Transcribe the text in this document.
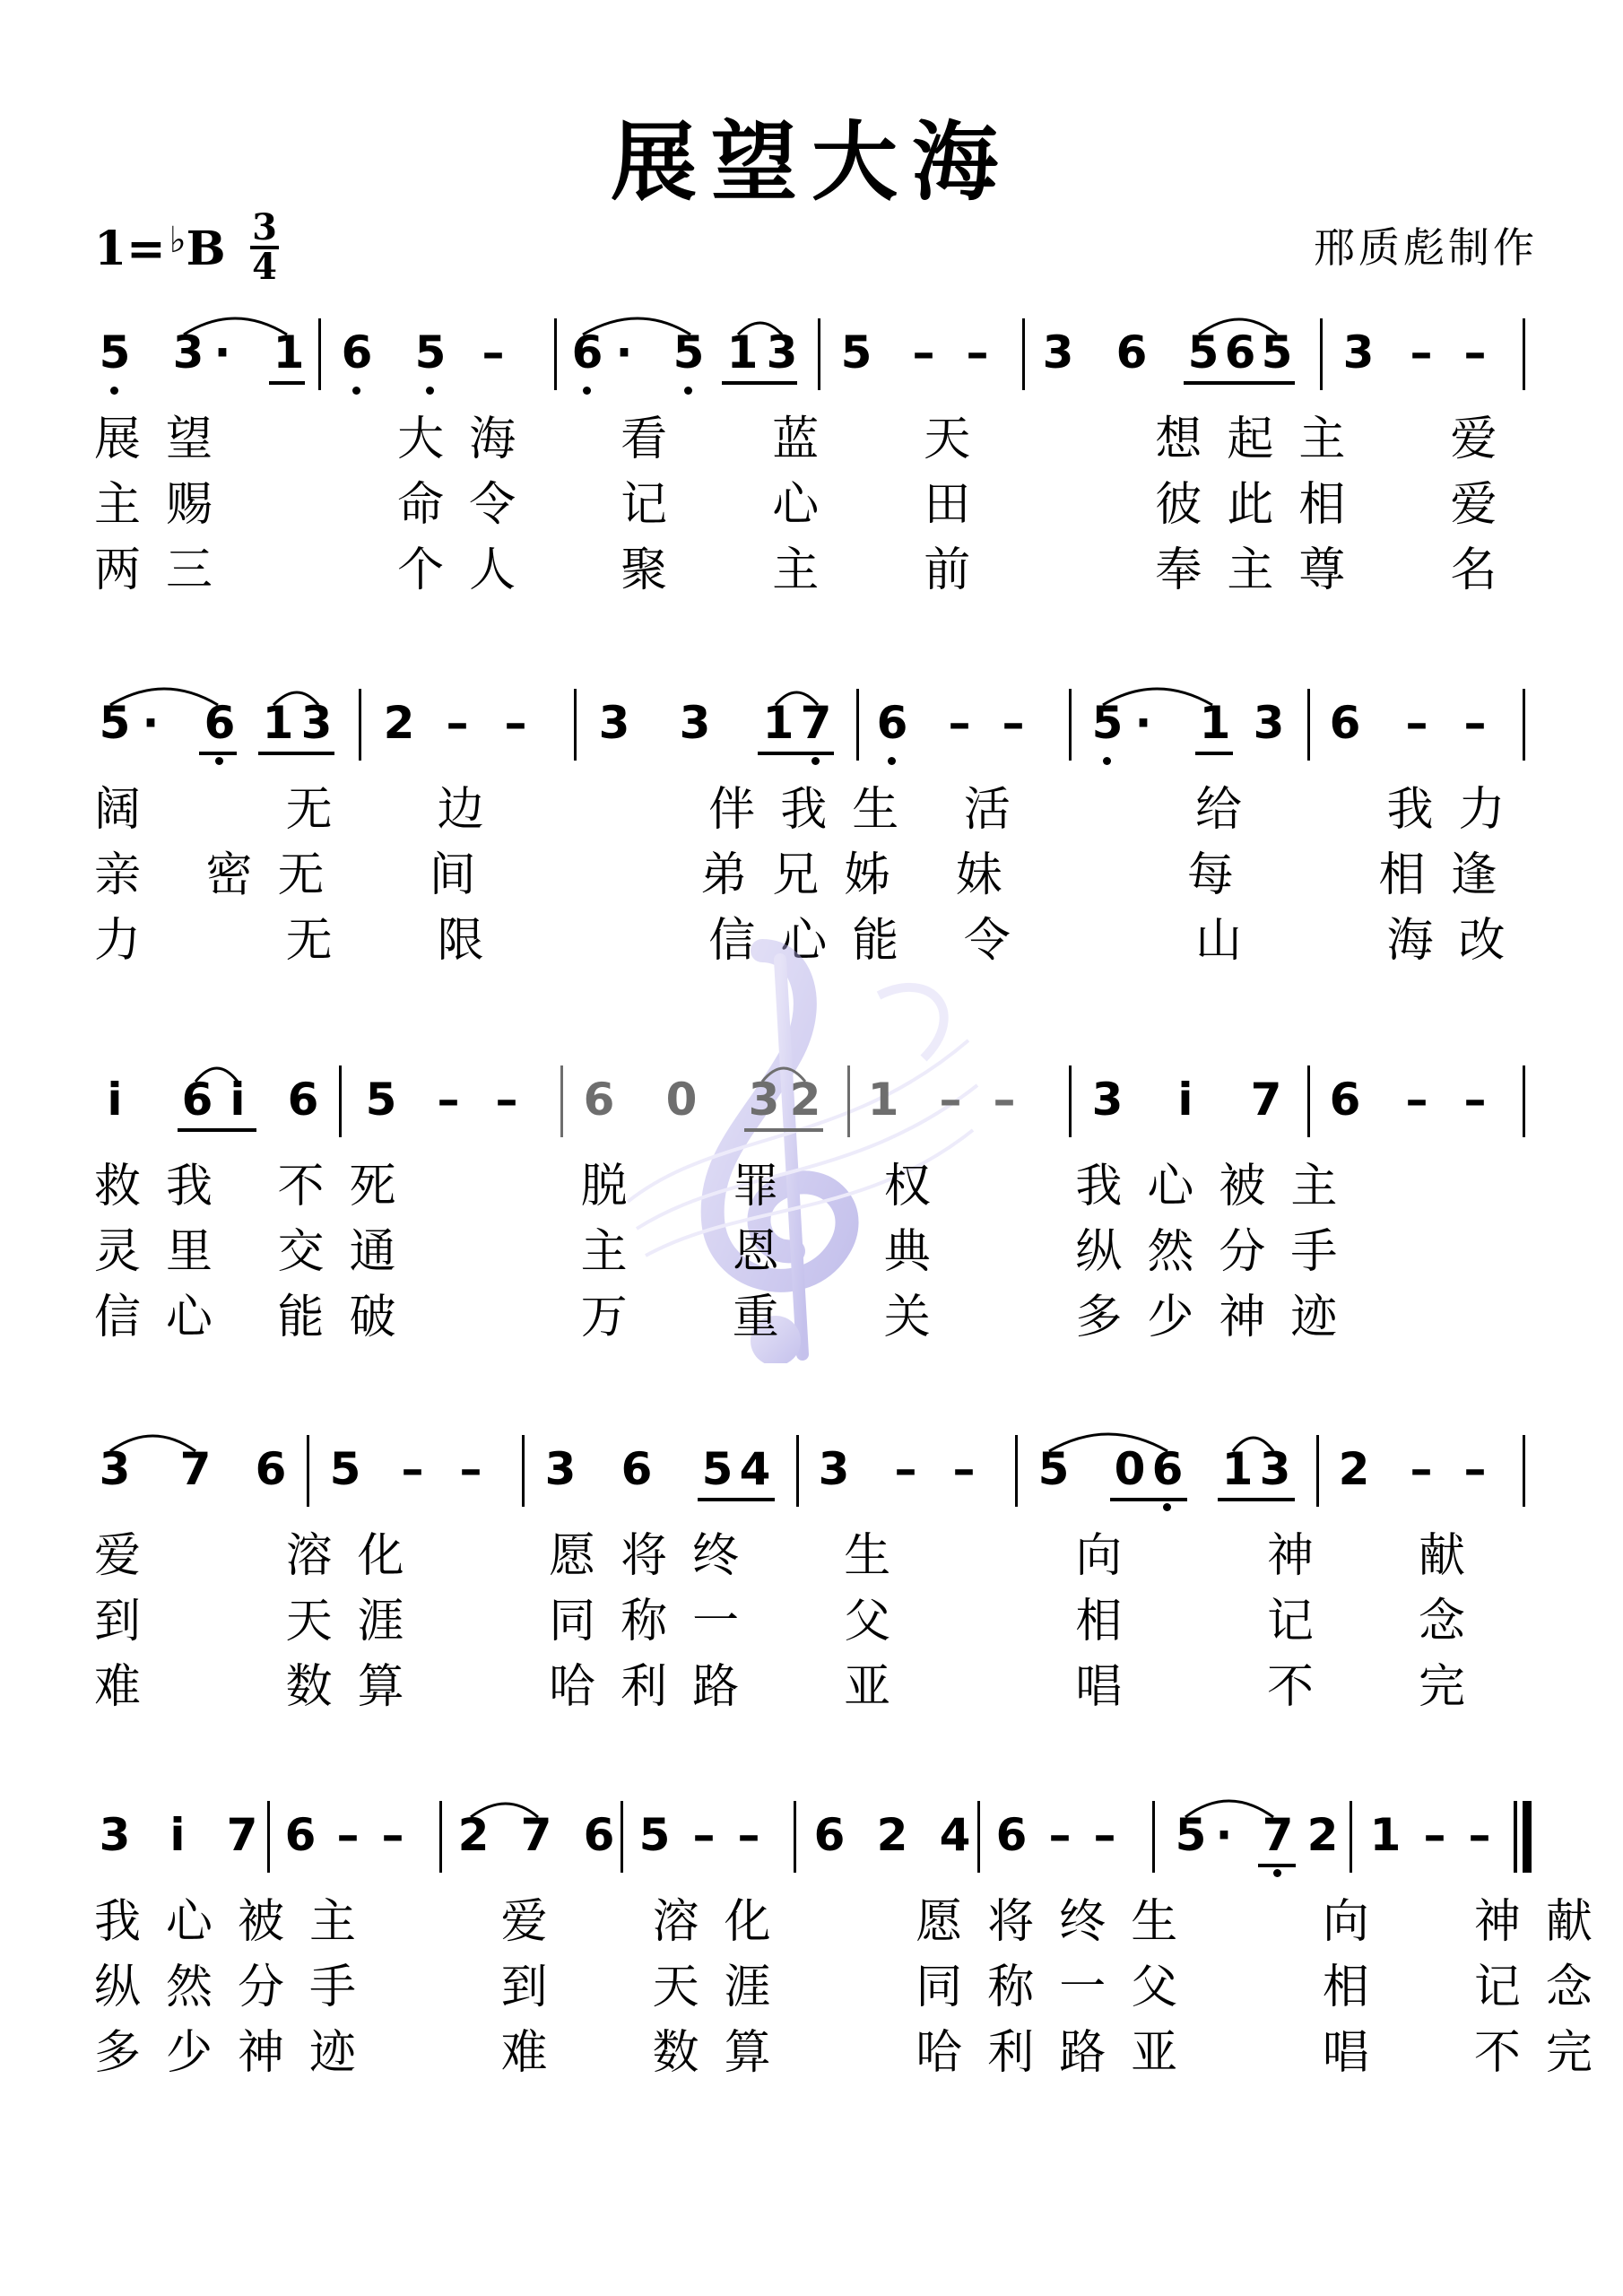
展望大海
1= ♭B 3
4	邢质彪制作
5 3 · 1 6 5 – 6 · 5 1 3 5 – – 3 6 5 6 5 3 – –
展望    大海  看  蓝  天    想起主  爱
主赐    命令  记  心  田    彼此相  爱
两三    个人  聚  主  前    奉主尊  名
5 · 6 1 3 2 – – 3 3 1 7 6 – – 5 · 1 3 6 – –
阔   无  边     伴我生 活    给   我力
亲 密无  间     弟兄姊 妹    每   相逢
力   无  限     信心能 令    山   海改
i 6 i 6 5 – – 6 0 3 2 1 – – 3 i 7 6 – –
救我 不死    脱  罪  权   我心被主
灵里 交通    主  恩  典   纵然分手
信心 能破    万  重  关   多少神迹
3 7 6 5 – – 3 6 5 4 3 – – 5 0 6 1 3 2 – –
爱   溶化   愿将终  生    向   神  献
到   天涯   同称一  父    相   记  念
难   数算   哈利路  亚    唱   不  完
3 i 7 6 – – 2 7 6 5 – – 6 2 4 6 – – 5 · 7 2 1 – –
我心被主   爱  溶化   愿将终生   向  神献
纵然分手   到  天涯   同称一父   相  记念
多少神迹   难  数算   哈利路亚   唱  不完
